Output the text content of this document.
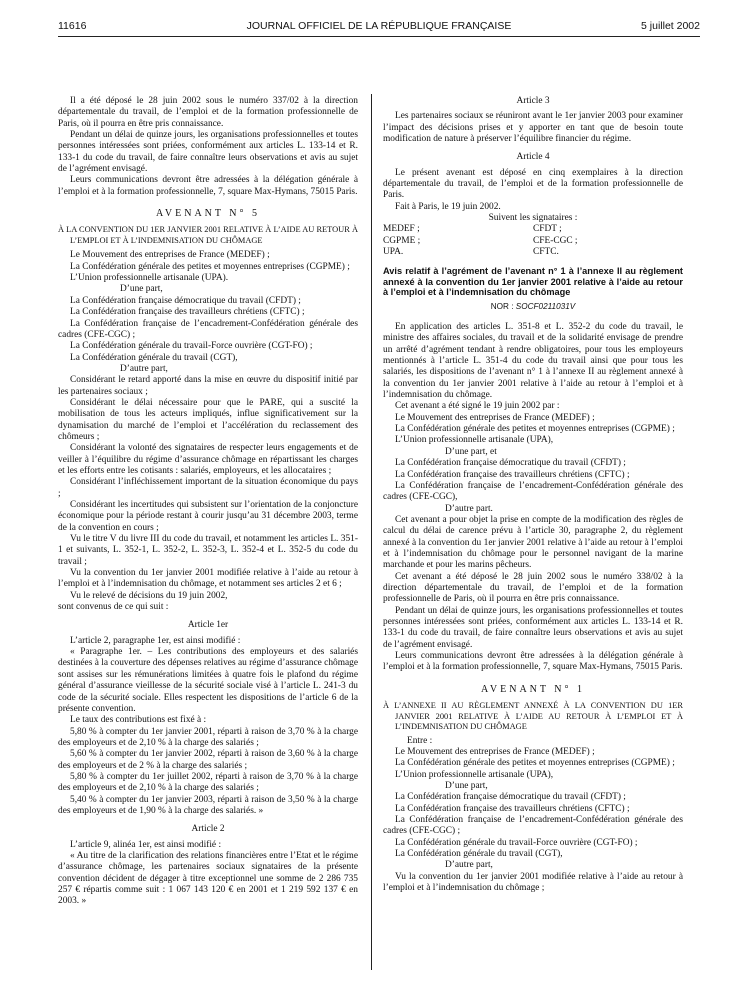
11616	JOURNAL OFFICIEL DE LA RÉPUBLIQUE FRANÇAISE	5 juillet 2002

Il a été déposé le 28 juin 2002 sous le numéro 337/02 à la direction départementale du travail, de l’emploi et de la formation professionnelle de Paris, où il pourra en être pris connaissance.

Pendant un délai de quinze jours, les organisations professionnelles et toutes personnes intéressées sont priées, conformément aux articles L. 133-14 et R. 133-1 du code du travail, de faire connaître leurs observations et avis au sujet de l’agrément envisagé.

Leurs communications devront être adressées à la délégation générale à l’emploi et à la formation professionnelle, 7, square Max-Hymans, 75015 Paris.

AVENANT N° 5

À LA CONVENTION DU 1ER JANVIER 2001 RELATIVE À L’AIDE AU RETOUR À L’EMPLOI ET À L’INDEMNISATION DU CHÔMAGE

Le Mouvement des entreprises de France (MEDEF) ;

La Confédération générale des petites et moyennes entreprises (CGPME) ;

L’Union professionnelle artisanale (UPA).

D’une part,

La Confédération française démocratique du travail (CFDT) ;

La Confédération française des travailleurs chrétiens (CFTC) ;

La Confédération française de l’encadrement-Confédération générale des cadres (CFE-CGC) ;

La Confédération générale du travail-Force ouvrière (CGT-FO) ;

La Confédération générale du travail (CGT),

D’autre part,

Considérant le retard apporté dans la mise en œuvre du dispositif initié par les partenaires sociaux ;

Considérant le délai nécessaire pour que le PARE, qui a suscité la mobilisation de tous les acteurs impliqués, influe significativement sur la dynamisation du marché de l’emploi et l’accélération du reclassement des chômeurs ;

Considérant la volonté des signataires de respecter leurs engagements et de veiller à l’équilibre du régime d’assurance chômage en répartissant les charges et les efforts entre les cotisants : salariés, employeurs, et les allocataires ;

Considérant l’infléchissement important de la situation économique du pays ;

Considérant les incertitudes qui subsistent sur l’orientation de la conjoncture économique pour la période restant à courir jusqu’au 31 décembre 2003, terme de la convention en cours ;

Vu le titre V du livre III du code du travail, et notamment les articles L. 351-1 et suivants, L. 352-1, L. 352-2, L. 352-3, L. 352-4 et L. 352-5 du code du travail ;

Vu la convention du 1er janvier 2001 modifiée relative à l’aide au retour à l’emploi et à l’indemnisation du chômage, et notamment ses articles 2 et 6 ;

Vu le relevé de décisions du 19 juin 2002,

sont convenus de ce qui suit :

Article 1er

L’article 2, paragraphe 1er, est ainsi modifié :

« Paragraphe 1er. – Les contributions des employeurs et des salariés destinées à la couverture des dépenses relatives au régime d’assurance chômage sont assises sur les rémunérations limitées à quatre fois le plafond du régime général d’assurance vieillesse de la sécurité sociale visé à l’article L. 241-3 du code de la sécurité sociale. Elles respectent les dispositions de l’article 6 de la présente convention.

Le taux des contributions est fixé à :

5,80 % à compter du 1er janvier 2001, réparti à raison de 3,70 % à la charge des employeurs et de 2,10 % à la charge des salariés ;

5,60 % à compter du 1er janvier 2002, réparti à raison de 3,60 % à la charge des employeurs et de 2 % à la charge des salariés ;

5,80 % à compter du 1er juillet 2002, réparti à raison de 3,70 % à la charge des employeurs et de 2,10 % à la charge des salariés ;

5,40 % à compter du 1er janvier 2003, réparti à raison de 3,50 % à la charge des employeurs et de 1,90 % à la charge des salariés. »

Article 2

L’article 9, alinéa 1er, est ainsi modifié :

« Au titre de la clarification des relations financières entre l’Etat et le régime d’assurance chômage, les partenaires sociaux signataires de la présente convention décident de dégager à titre exceptionnel une somme de 2 286 735 257 € répartis comme suit : 1 067 143 120 € en 2001 et 1 219 592 137 € en 2003. »

Article 3

Les partenaires sociaux se réuniront avant le 1er janvier 2003 pour examiner l’impact des décisions prises et y apporter en tant que de besoin toute modification de nature à préserver l’équilibre financier du régime.

Article 4

Le présent avenant est déposé en cinq exemplaires à la direction départementale du travail, de l’emploi et de la formation professionnelle de Paris.

Fait à Paris, le 19 juin 2002.

Suivent les signataires :

MEDEF ;	CFDT ;
CGPME ;	CFE-CGC ;
UPA.	CFTC.

Avis relatif à l’agrément de l’avenant n° 1 à l’annexe II au règlement annexé à la convention du 1er janvier 2001 relative à l’aide au retour à l’emploi et à l’indemnisation du chômage

NOR : SOCF0211031V

En application des articles L. 351-8 et L. 352-2 du code du travail, le ministre des affaires sociales, du travail et de la solidarité envisage de prendre un arrêté d’agrément tendant à rendre obligatoires, pour tous les employeurs mentionnés à l’article L. 351-4 du code du travail ainsi que pour tous les salariés, les dispositions de l’avenant n° 1 à l’annexe II au règlement annexé à la convention du 1er janvier 2001 relative à l’aide au retour à l’emploi et à l’indemnisation du chômage.

Cet avenant a été signé le 19 juin 2002 par :

Le Mouvement des entreprises de France (MEDEF) ;

La Confédération générale des petites et moyennes entreprises (CGPME) ;

L’Union professionnelle artisanale (UPA),

D’une part, et

La Confédération française démocratique du travail (CFDT) ;

La Confédération française des travailleurs chrétiens (CFTC) ;

La Confédération française de l’encadrement-Confédération générale des cadres (CFE-CGC),

D’autre part.

Cet avenant a pour objet la prise en compte de la modification des règles de calcul du délai de carence prévu à l’article 30, paragraphe 2, du règlement annexé à la convention du 1er janvier 2001 relative à l’aide au retour à l’emploi et à l’indemnisation du chômage pour le personnel navigant de la marine marchande et pour les marins pêcheurs.

Cet avenant a été déposé le 28 juin 2002 sous le numéro 338/02 à la direction départementale du travail, de l’emploi et de la formation professionnelle de Paris, où il pourra en être pris connaissance.

Pendant un délai de quinze jours, les organisations professionnelles et toutes personnes intéressées sont priées, conformément aux articles L. 133-14 et R. 133-1 du code du travail, de faire connaître leurs observations et avis au sujet de l’agrément envisagé.

Leurs communications devront être adressées à la délégation générale à l’emploi et à la formation professionnelle, 7, square Max-Hymans, 75015 Paris.

AVENANT N° 1

À L’ANNEXE II AU RÈGLEMENT ANNEXÉ À LA CONVENTION DU 1ER JANVIER 2001 RELATIVE À L’AIDE AU RETOUR À L’EMPLOI ET À L’INDEMNISATION DU CHÔMAGE

Entre :

Le Mouvement des entreprises de France (MEDEF) ;

La Confédération générale des petites et moyennes entreprises (CGPME) ;

L’Union professionnelle artisanale (UPA),

D’une part,

La Confédération française démocratique du travail (CFDT) ;

La Confédération française des travailleurs chrétiens (CFTC) ;

La Confédération française de l’encadrement-Confédération générale des cadres (CFE-CGC) ;

La Confédération générale du travail-Force ouvrière (CGT-FO) ;

La Confédération générale du travail (CGT),

D’autre part,

Vu la convention du 1er janvier 2001 modifiée relative à l’aide au retour à l’emploi et à l’indemnisation du chômage ;
